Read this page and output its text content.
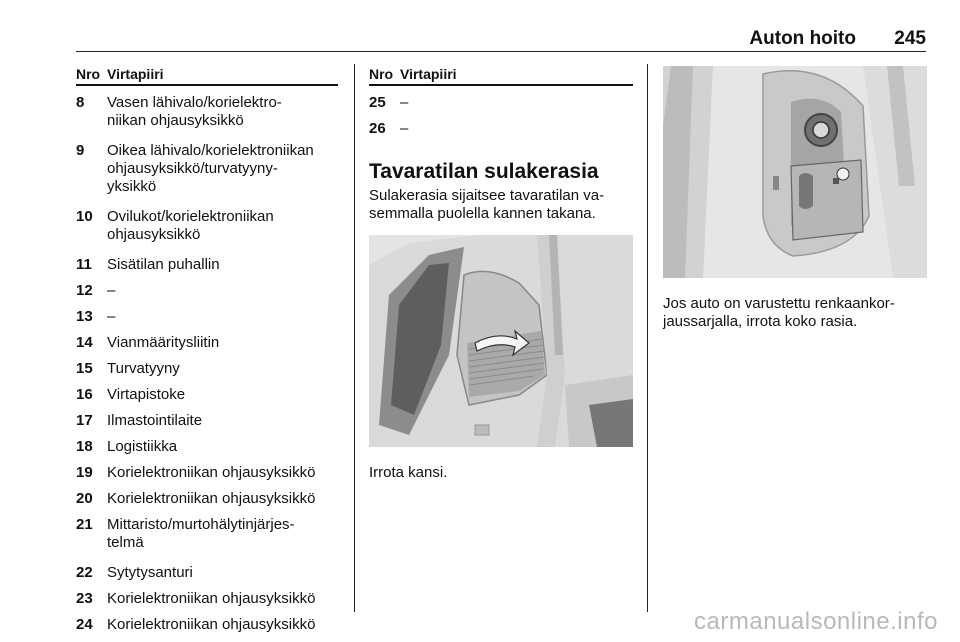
Auton hoito	245
Nro Virtapiiri
8 Vasen lähivalo/korielektro-
niikan ohjausyksikkö
9 Oikea lähivalo/korielektroniikan
ohjausyksikkö/turvatyyny-
yksikkö
10 Ovilukot/korielektroniikan
ohjausyksikkö
11 Sisätilan puhallin
12 –
13 –
14 Vianmääritysliitin
15 Turvatyyny
16 Virtapistoke
17 Ilmastointilaite
18 Logistiikka
19 Korielektroniikan ohjausyksikkö
20 Korielektroniikan ohjausyksikkö
21 Mittaristo/murtohälytinjärjes-
telmä
22 Sytytysanturi
23 Korielektroniikan ohjausyksikkö
24 Korielektroniikan ohjausyksikkö
Nro Virtapiiri
25 –
26 –
Tavaratilan sulakerasia

Sulakerasia sijaitsee tavaratilan va-
semmalla puolella kannen takana.

Irrota kansi.

Jos auto on varustettu renkaankor-
jaussarjalla, irrota koko rasia.

carmanualsonline.info
